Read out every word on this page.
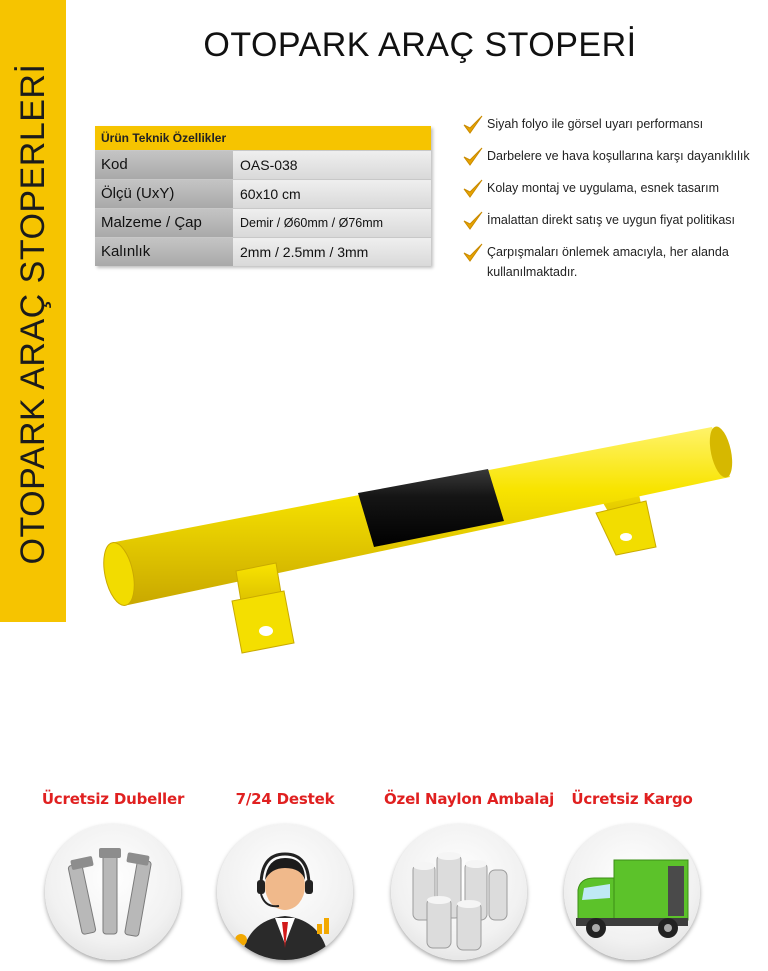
OTOPARK ARAÇ STOPERLERİ
OTOPARK ARAÇ STOPERİ
Ürün Teknik Özellikler
Kod	OAS-038
Ölçü (UxY)	60x10 cm
Malzeme / Çap	Demir / Ø60mm / Ø76mm
Kalınlık	2mm / 2.5mm / 3mm
Siyah folyo ile görsel uyarı performansı
Darbelere ve hava koşullarına karşı dayanıklılık
Kolay montaj ve uygulama, esnek tasarım
İmalattan direkt satış ve uygun fiyat politikası
Çarpışmaları önlemek amacıyla, her alanda
kullanılmaktadır.
Ücretsiz Dubeller	7/24 Destek	Özel Naylon Ambalaj	Ücretsiz Kargo
